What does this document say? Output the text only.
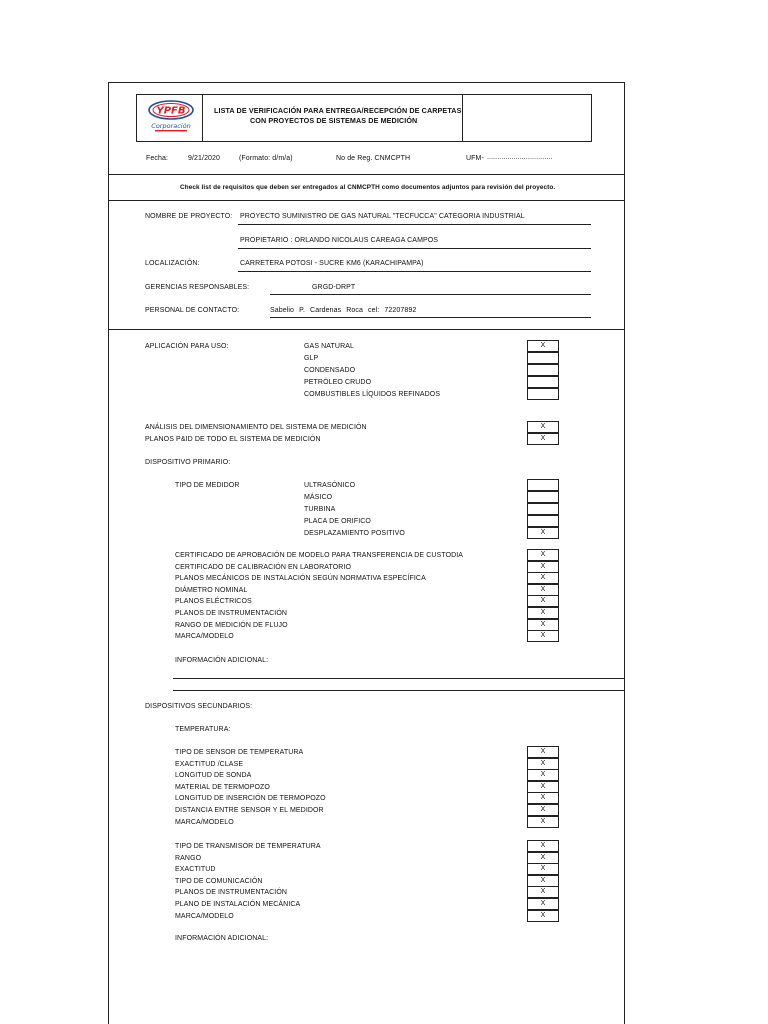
YPFB
Corporación
LISTA DE VERIFICACIÓN PARA ENTREGA/RECEPCIÓN DE CARPETAS
CON PROYECTOS DE SISTEMAS DE MEDICIÓN
Fecha:	9/21/2020	(Formato: d/m/a)	No de Reg. CNMCPTH	UFM- ................................
Check list de requisitos que deben ser entregados al CNMCPTH como documentos adjuntos para revisión del proyecto.
NOMBRE DE PROYECTO: PROYECTO SUMINISTRO DE GAS NATURAL "TECFUCCA" CATEGORIA INDUSTRIAL
PROPIETARIO : ORLANDO NICOLAUS CAREAGA CAMPOS
LOCALIZACIÓN:	CARRETERA POTOSI - SUCRE KM6 (KARACHIPAMPA)
GERENCIAS RESPONSABLES:	GRGD-DRPT
PERSONAL DE CONTACTO:	Sabelio P. Cardenas Roca cel: 72207892
APLICACIÓN PARA USO:	GAS NATURAL	X
GLP
CONDENSADO
PETRÓLEO CRUDO
COMBUSTIBLES LÍQUIDOS REFINADOS
ANÁLISIS DEL DIMENSIONAMIENTO DEL SISTEMA DE MEDICIÓN	X
PLANOS P&ID DE TODO EL SISTEMA DE MEDICIÓN	X
DISPOSITIVO PRIMARIO:
TIPO DE MEDIDOR	ULTRASÓNICO
MÁSICO
TURBINA
PLACA DE ORIFICO
DESPLAZAMIENTO POSITIVO	X
CERTIFICADO DE APROBACIÓN DE MODELO PARA TRANSFERENCIA DE CUSTODIA	X
CERTIFICADO DE CALIBRACIÓN EN LABORATORIO	X
PLANOS MECÁNICOS DE INSTALACIÓN SEGÚN NORMATIVA ESPECÍFICA	X
DIÁMETRO NOMINAL	X
PLANOS ELÉCTRICOS	X
PLANOS DE INSTRUMENTACIÓN	X
RANGO DE MEDICIÓN DE FLUJO	X
MARCA/MODELO	X
INFORMACIÓN ADICIONAL:
DISPOSITIVOS SECUNDARIOS:
TEMPERATURA:
TIPO DE SENSOR DE TEMPERATURA	X
EXACTITUD /CLASE	X
LONGITUD DE SONDA	X
MATERIAL DE TERMOPOZO	X
LONGITUD DE INSERCIÓN DE TERMOPOZO	X
DISTANCIA ENTRE SENSOR Y EL MEDIDOR	X
MARCA/MODELO	X
TIPO DE TRANSMISOR DE TEMPERATURA	X
RANGO	X
EXACTITUD	X
TIPO DE COMUNICACIÓN	X
PLANOS DE INSTRUMENTACIÓN	X
PLANO DE INSTALACIÓN MECÁNICA	X
MARCA/MODELO	X
INFORMACIÓN ADICIONAL:
